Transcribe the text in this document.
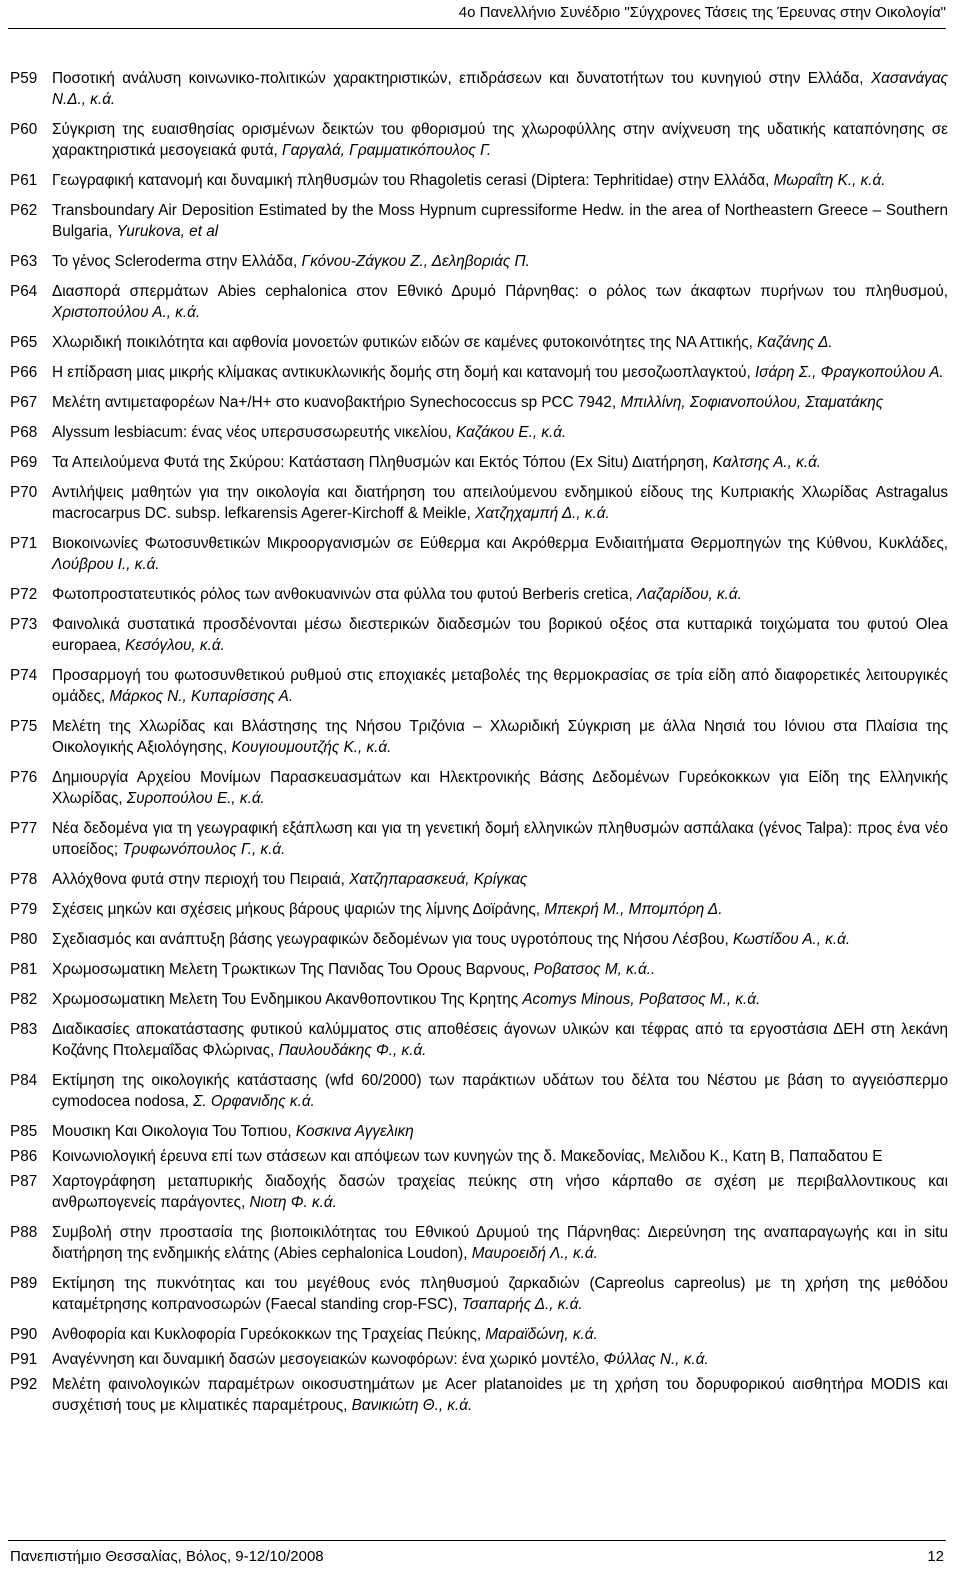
4ο Πανελλήνιο Συνέδριο "Σύγχρονες Τάσεις της Έρευνας στην Οικολογία"
P59 Ποσοτική ανάλυση κοινωνικο-πολιτικών χαρακτηριστικών, επιδράσεων και δυνατοτήτων του κυνηγιού στην Ελλάδα, Χασανάγας Ν.Δ., κ.ά.
P60 Σύγκριση της ευαισθησίας ορισμένων δεικτών του φθορισμού της χλωροφύλλης στην ανίχνευση της υδατικής καταπόνησης σε χαρακτηριστικά μεσογειακά φυτά, Γαργαλά, Γραμματικόπουλος Γ.
P61 Γεωγραφική κατανομή και δυναμική πληθυσμών του Rhagoletis cerasi (Diptera: Tephritidae) στην Ελλάδα, Μωραΐτη Κ., κ.ά.
P62 Transboundary Air Deposition Estimated by the Moss Hypnum cupressiforme Hedw. in the area of Northeastern Greece – Southern Bulgaria, Yurukova, et al
P63 Το γένος Scleroderma στην Ελλάδα, Γκόνου-Ζάγκου Ζ., Δεληβοριάς Π.
P64 Διασπορά σπερμάτων Abies cephalonica στον Εθνικό Δρυμό Πάρνηθας: ο ρόλος των άκαφτων πυρήνων του πληθυσμού, Χριστοπούλου Α., κ.ά.
P65 Χλωριδική ποικιλότητα και αφθονία μονοετών φυτικών ειδών σε καμένες φυτοκοινότητες της ΝΑ Αττικής, Καζάνης Δ.
P66 Η επίδραση μιας μικρής κλίμακας αντικυκλωνικής δομής στη δομή και κατανομή του μεσοζωοπλαγκτού, Ισάρη Σ., Φραγκοπούλου Α.
P67 Μελέτη αντιμεταφορέων Na+/H+ στο κυανοβακτήριο Synechococcus sp PCC 7942, Μπιλλίνη, Σοφιανοπούλου, Σταματάκης
P68 Alyssum lesbiacum: ένας νέος υπερσυσσωρευτής νικελίου, Καζάκου Ε., κ.ά.
P69 Τα Απειλούμενα Φυτά της Σκύρου: Κατάσταση Πληθυσμών και Εκτός Τόπου (Ex Situ) Διατήρηση, Καλτσης Α., κ.ά.
P70 Αντιλήψεις μαθητών για την οικολογία και διατήρηση του απειλούμενου ενδημικού είδους της Κυπριακής Χλωρίδας Astragalus macrocarpus DC. subsp. lefkarensis Agerer-Kirchoff & Meikle, Χατζηχαμπή Δ., κ.ά.
P71 Βιοκοινωνίες Φωτοσυνθετικών Μικροοργανισμών σε Εύθερμα και Ακρόθερμα Ενδιαιτήματα Θερμοπηγών της Κύθνου, Κυκλάδες, Λούβρου Ι., κ.ά.
P72 Φωτοπροστατευτικός ρόλος των ανθοκυανινών στα φύλλα του φυτού Berberis cretica, Λαζαρίδου, κ.ά.
P73 Φαινολικά συστατικά προσδένονται μέσω διεστερικών διαδεσμών του βορικού οξέος στα κυτταρικά τοιχώματα του φυτού Olea europaea, Κεσόγλου, κ.ά.
P74 Προσαρμογή του φωτοσυνθετικού ρυθμού στις εποχιακές μεταβολές της θερμοκρασίας σε τρία είδη από διαφορετικές λειτουργικές ομάδες, Μάρκος Ν., Κυπαρίσσης Α.
P75 Μελέτη της Χλωρίδας και Βλάστησης της Νήσου Τριζόνια – Χλωριδική Σύγκριση με άλλα Νησιά του Ιόνιου στα Πλαίσια της Οικολογικής Αξιολόγησης, Κουγιουμουτζής Κ., κ.ά.
P76 Δημιουργία Αρχείου Μονίμων Παρασκευασμάτων και Ηλεκτρονικής Βάσης Δεδομένων Γυρεόκοκκων για Είδη της Ελληνικής Χλωρίδας, Συροπούλου Ε., κ.ά.
P77 Νέα δεδομένα για τη γεωγραφική εξάπλωση και για τη γενετική δομή ελληνικών πληθυσμών ασπάλακα (γένος Talpa): προς ένα νέο υποείδος; Τρυφωνόπουλος Γ., κ.ά.
P78 Αλλόχθονα φυτά στην περιοχή του Πειραιά, Χατζηπαρασκευά, Κρίγκας
P79 Σχέσεις μηκών και σχέσεις μήκους βάρους ψαριών της λίμνης Δοϊράνης, Μπεκρή Μ., Μπομπόρη Δ.
P80 Σχεδιασμός και ανάπτυξη βάσης γεωγραφικών δεδομένων για τους υγροτόπους της Νήσου Λέσβου, Κωστίδου Α., κ.ά.
P81 Χρωμοσωματικη Μελετη Τρωκτικων Της Πανιδας Του Ορους Βαρνους, Ροβατσος Μ, κ.ά..
P82 Χρωμοσωματικη Μελετη Του Ενδημικου Ακανθοποντικου Της Κρητης Acomys Minous, Ροβατσος Μ., κ.ά.
P83 Διαδικασίες αποκατάστασης φυτικού καλύμματος στις αποθέσεις άγονων υλικών και τέφρας από τα εργοστάσια ΔΕΗ στη λεκάνη Κοζάνης Πτολεμαΐδας Φλώρινας, Παυλουδάκης Φ., κ.ά.
P84 Εκτίμηση της οικολογικής κατάστασης (wfd 60/2000) των παράκτιων υδάτων του δέλτα του Νέστου με βάση το αγγειόσπερμο cymodocea nodosa, Σ. Ορφανιδης κ.ά.
P85 Μουσικη Και Οικολογια Του Τοπιου, Κοσκινα Αγγελικη
P86 Κοινωνιολογική έρευνα επί των στάσεων και απόψεων των κυνηγών της δ. Μακεδονίας, Μελιδου Κ., Κατη Β, Παπαδατου Ε
P87 Χαρτογράφηση μεταπυρικής διαδοχής δασών τραχείας πεύκης στη νήσο κάρπαθο σε σχέση με περιβαλλοντικους και ανθρωπογενείς παράγοντες, Νιοτη Φ. κ.ά.
P88 Συμβολή στην προστασία της βιοποικιλότητας του Εθνικού Δρυμού της Πάρνηθας: Διερεύνηση της αναπαραγωγής και in situ διατήρηση της ενδημικής ελάτης (Abies cephalonica Loudon), Μαυροειδή Λ., κ.ά.
P89 Εκτίμηση της πυκνότητας και του μεγέθους ενός πληθυσμού ζαρκαδιών (Capreolus capreolus) με τη χρήση της μεθόδου καταμέτρησης κοπρανοσωρών (Faecal standing crop-FSC), Τσαπαρής Δ., κ.ά.
P90 Ανθοφορία και Κυκλοφορία Γυρεόκοκκων της Τραχείας Πεύκης, Μαραϊδώνη, κ.ά.
P91 Αναγέννηση και δυναμική δασών μεσογειακών κωνοφόρων: ένα χωρικό μοντέλο, Φύλλας Ν., κ.ά.
P92 Μελέτη φαινολογικών παραμέτρων οικοσυστημάτων με Acer platanoides με τη χρήση του δορυφορικού αισθητήρα MODIS και συσχέτισή τους με κλιματικές παραμέτρους, Βανικιώτη Θ., κ.ά.
Πανεπιστήμιο Θεσσαλίας, Βόλος, 9-12/10/2008	12
